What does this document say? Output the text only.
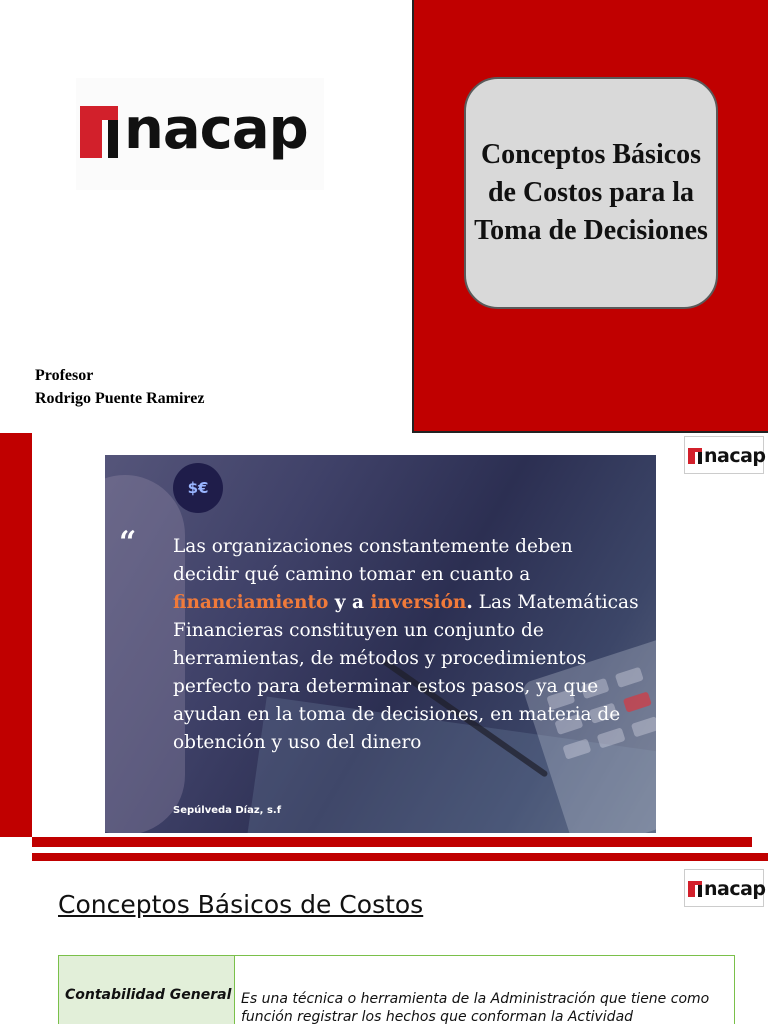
nacap	Conceptos Básicos de Costos para la Toma de Decisiones
Profesor
Rodrigo Puente Ramirez
nacap
$€
“ Las organizaciones constantemente deben decidir qué camino tomar en cuanto a financiamiento y a inversión. Las Matemáticas Financieras constituyen un conjunto de herramientas, de métodos y procedimientos perfecto para determinar estos pasos, ya que ayudan en la toma de decisiones, en materia de obtención y uso del dinero
Sepúlveda Díaz, s.f
nacap
Conceptos Básicos de Costos
Contabilidad General Es una técnica o herramienta de la Administración que tiene como función registrar los hechos que conforman la Actividad
